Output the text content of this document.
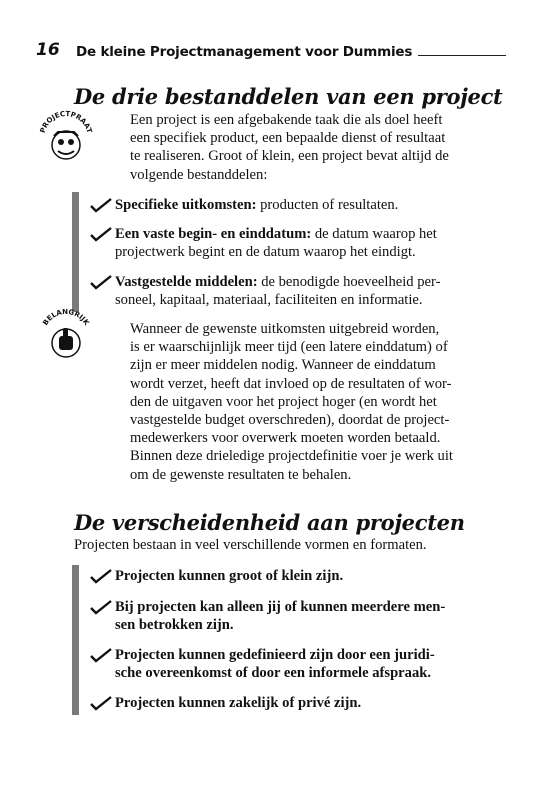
16	De kleine Projectmanagement voor Dummies
De drie bestanddelen van een project
PROJECTPRAAT
Een project is een afgebakende taak die als doel heeft
een specifiek product, een bepaalde dienst of resultaat
te realiseren. Groot of klein, een project bevat altijd de
volgende bestanddelen:
Specifieke uitkomsten: producten of resultaten.
Een vaste begin- en einddatum: de datum waarop het
projectwerk begint en de datum waarop het eindigt.
Vastgestelde middelen: de benodigde hoeveelheid per-
soneel, kapitaal, materiaal, faciliteiten en informatie.
BELANGRIJK	Wanneer de gewenste uitkomsten uitgebreid worden,
is er waarschijnlijk meer tijd (een latere einddatum) of
zijn er meer middelen nodig. Wanneer de einddatum
wordt verzet, heeft dat invloed op de resultaten of wor-
den de uitgaven voor het project hoger (en wordt het
vastgestelde budget overschreden), doordat de project-
medewerkers voor overwerk moeten worden betaald.
Binnen deze drieledige projectdefinitie voer je werk uit
om de gewenste resultaten te behalen.
De verscheidenheid aan projecten
Projecten bestaan in veel verschillende vormen en formaten.
Projecten kunnen groot of klein zijn.
Bij projecten kan alleen jij of kunnen meerdere men-
sen betrokken zijn.
Projecten kunnen gedefinieerd zijn door een juridi-
sche overeenkomst of door een informele afspraak.
Projecten kunnen zakelijk of privé zijn.
